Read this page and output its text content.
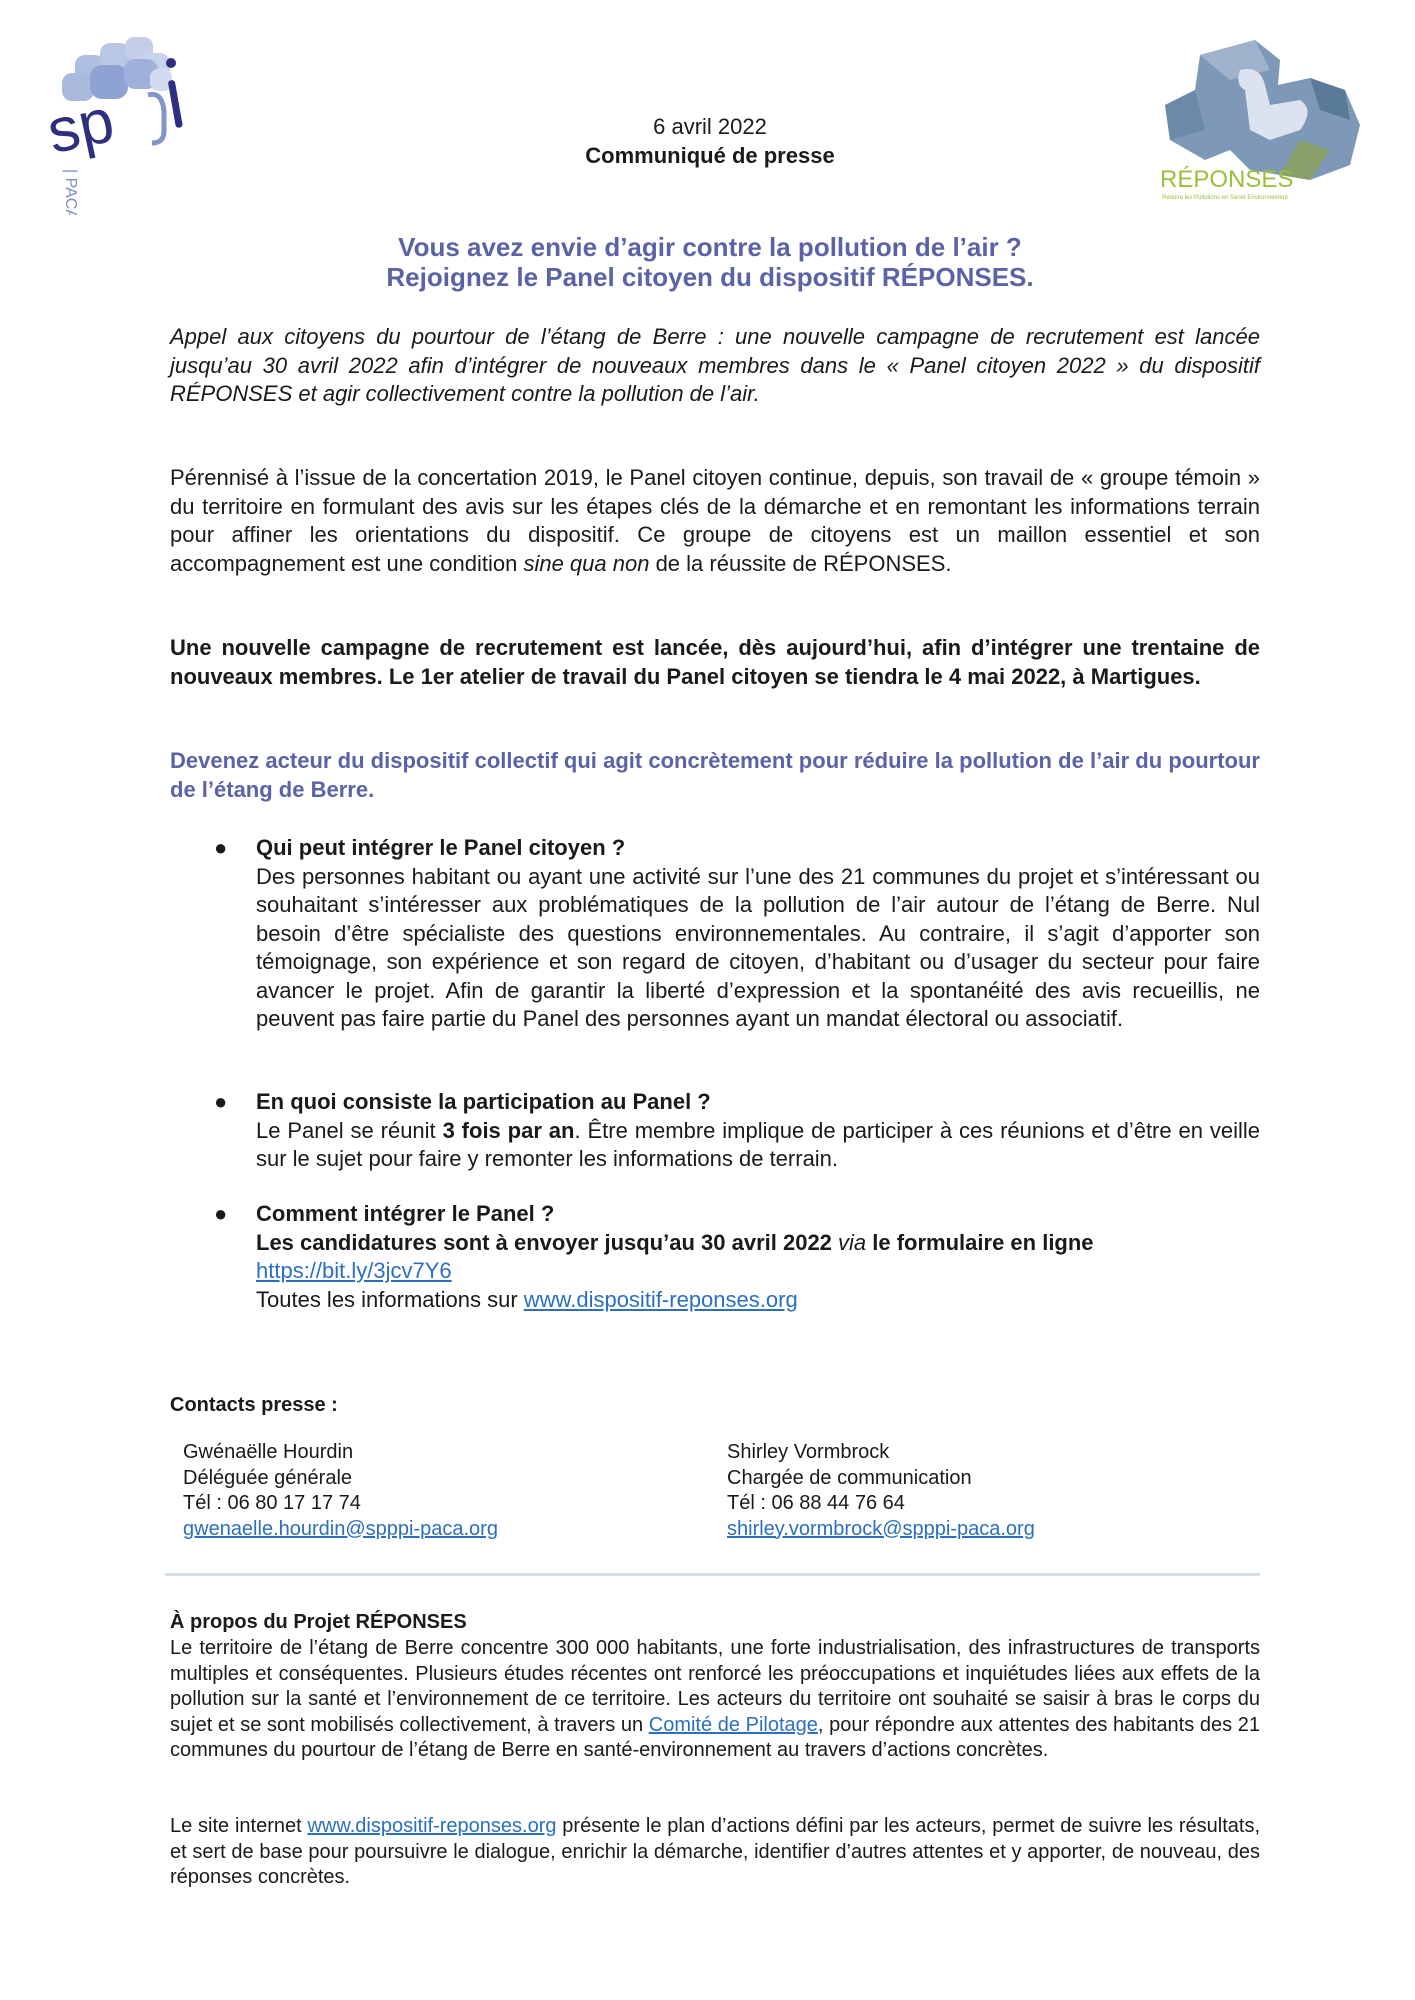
sp
| PACA	RÉPONSES
Réduire les Pollutions en Santé Environnement
6 avril 2022
Communiqué de presse
Vous avez envie d’agir contre la pollution de l’air ?
Rejoignez le Panel citoyen du dispositif RÉPONSES.
Appel aux citoyens du pourtour de l’étang de Berre : une nouvelle campagne de recrutement est lancée jusqu’au 30 avril 2022 afin d’intégrer de nouveaux membres dans le « Panel citoyen 2022 » du dispositif RÉPONSES et agir collectivement contre la pollution de l’air.
Pérennisé à l’issue de la concertation 2019, le Panel citoyen continue, depuis, son travail de « groupe témoin » du territoire en formulant des avis sur les étapes clés de la démarche et en remontant les informations terrain pour affiner les orientations du dispositif. Ce groupe de citoyens est un maillon essentiel et son accompagnement est une condition sine qua non de la réussite de RÉPONSES.
Une nouvelle campagne de recrutement est lancée, dès aujourd’hui, afin d’intégrer une trentaine de nouveaux membres. Le 1er atelier de travail du Panel citoyen se tiendra le 4 mai 2022, à Martigues.
Devenez acteur du dispositif collectif qui agit concrètement pour réduire la pollution de l’air du pourtour de l’étang de Berre.
● Qui peut intégrer le Panel citoyen ?
Des personnes habitant ou ayant une activité sur l’une des 21 communes du projet et s’intéressant ou souhaitant s’intéresser aux problématiques de la pollution de l’air autour de l’étang de Berre. Nul besoin d’être spécialiste des questions environnementales. Au contraire, il s’agit d’apporter son témoignage, son expérience et son regard de citoyen, d’habitant ou d’usager du secteur pour faire avancer le projet. Afin de garantir la liberté d’expression et la spontanéité des avis recueillis, ne peuvent pas faire partie du Panel des personnes ayant un mandat électoral ou associatif.
● En quoi consiste la participation au Panel ?
Le Panel se réunit 3 fois par an. Être membre implique de participer à ces réunions et d’être en veille sur le sujet pour faire y remonter les informations de terrain.
● Comment intégrer le Panel ?
Les candidatures sont à envoyer jusqu’au 30 avril 2022 via le formulaire en ligne
https://bit.ly/3jcv7Y6
Toutes les informations sur www.dispositif-reponses.org
Contacts presse :
Gwénaëlle Hourdin
Déléguée générale
Tél : 06 80 17 17 74
gwenaelle.hourdin@spppi-paca.org
Shirley Vormbrock
Chargée de communication
Tél : 06 88 44 76 64
shirley.vormbrock@spppi-paca.org
À propos du Projet RÉPONSES
Le territoire de l’étang de Berre concentre 300 000 habitants, une forte industrialisation, des infrastructures de transports multiples et conséquentes. Plusieurs études récentes ont renforcé les préoccupations et inquiétudes liées aux effets de la pollution sur la santé et l’environnement de ce territoire. Les acteurs du territoire ont souhaité se saisir à bras le corps du sujet et se sont mobilisés collectivement, à travers un Comité de Pilotage, pour répondre aux attentes des habitants des 21 communes du pourtour de l’étang de Berre en santé-environnement au travers d’actions concrètes.
Le site internet www.dispositif-reponses.org présente le plan d’actions défini par les acteurs, permet de suivre les résultats, et sert de base pour poursuivre le dialogue, enrichir la démarche, identifier d’autres attentes et y apporter, de nouveau, des réponses concrètes.
